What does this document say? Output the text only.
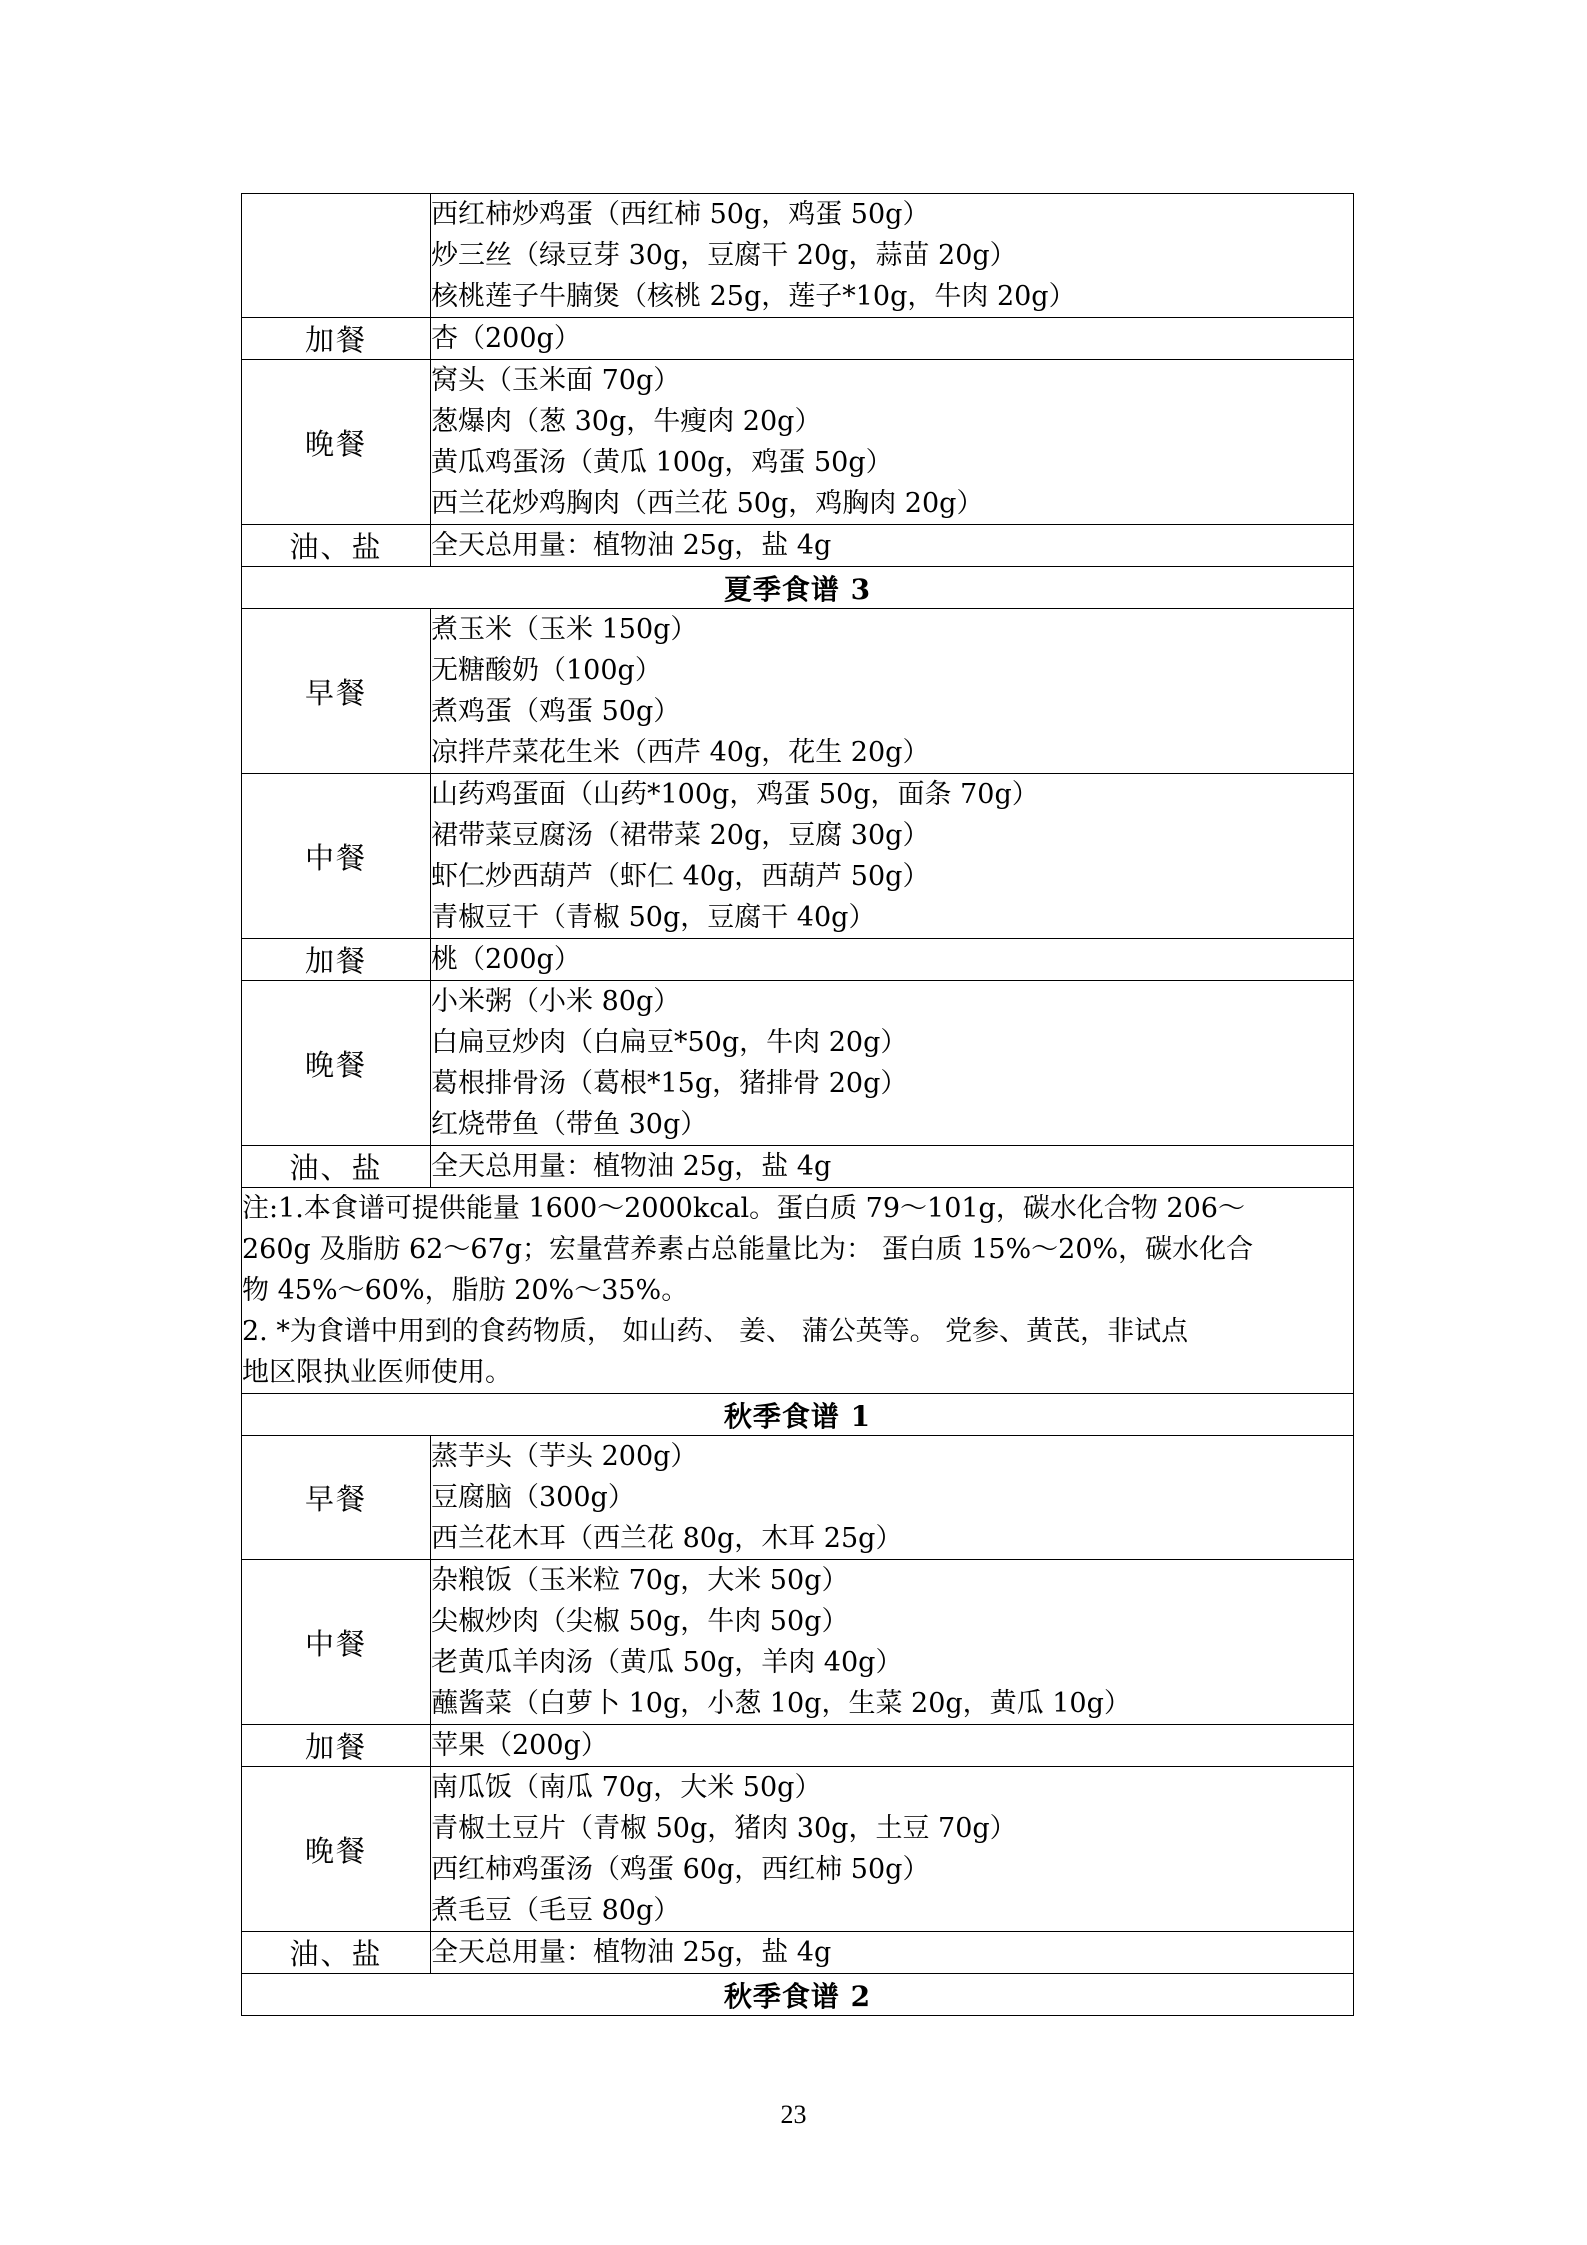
	西红柿炒鸡蛋（西红柿 50g，鸡蛋 50g）
炒三丝（绿豆芽 30g，豆腐干 20g，蒜苗 20g）
核桃莲子牛腩煲（核桃 25g，莲子*10g，牛肉 20g）

加餐	杏（200g）

晚餐	窝头（玉米面 70g）
葱爆肉（葱 30g，牛瘦肉 20g）
黄瓜鸡蛋汤（黄瓜 100g，鸡蛋 50g）
西兰花炒鸡胸肉（西兰花 50g，鸡胸肉 20g）

油、盐	全天总用量：植物油 25g，盐 4g

夏季食谱 3	
早餐	煮玉米（玉米 150g）
无糖酸奶（100g）
煮鸡蛋（鸡蛋 50g）
凉拌芹菜花生米（西芹 40g，花生 20g）

中餐	山药鸡蛋面（山药*100g，鸡蛋 50g，面条 70g）
裙带菜豆腐汤（裙带菜 20g，豆腐 30g）
虾仁炒西葫芦（虾仁 40g，西葫芦 50g）
青椒豆干（青椒 50g，豆腐干 40g）

加餐	桃（200g）

晚餐	小米粥（小米 80g）
白扁豆炒肉（白扁豆*50g，牛肉 20g）
葛根排骨汤（葛根*15g，猪排骨 20g）
红烧带鱼（带鱼 30g）

油、盐	全天总用量：植物油 25g，盐 4g

注:1.本食谱可提供能量 1600～2000kcal。蛋白质 79～101g，碳水化合物 206～
260g 及脂肪 62～67g；宏量营养素占总能量比为： 蛋白质 15%～20%，碳水化合
物 45%～60%，脂肪 20%～35%。
2. *为食谱中用到的食药物质， 如山药、 姜、 蒲公英等。 党参、黄芪，非试点
地区限执业医师使用。	

秋季食谱 1	
早餐	蒸芋头（芋头 200g）
豆腐脑（300g）
西兰花木耳（西兰花 80g，木耳 25g）

中餐	杂粮饭（玉米粒 70g，大米 50g）
尖椒炒肉（尖椒 50g，牛肉 50g）
老黄瓜羊肉汤（黄瓜 50g，羊肉 40g）
蘸酱菜（白萝卜 10g，小葱 10g，生菜 20g，黄瓜 10g）

加餐	苹果（200g）

晚餐	南瓜饭（南瓜 70g，大米 50g）
青椒土豆片（青椒 50g，猪肉 30g，土豆 70g）
西红柿鸡蛋汤（鸡蛋 60g，西红柿 50g）
煮毛豆（毛豆 80g）

油、盐	全天总用量：植物油 25g，盐 4g

秋季食谱 2	
23
